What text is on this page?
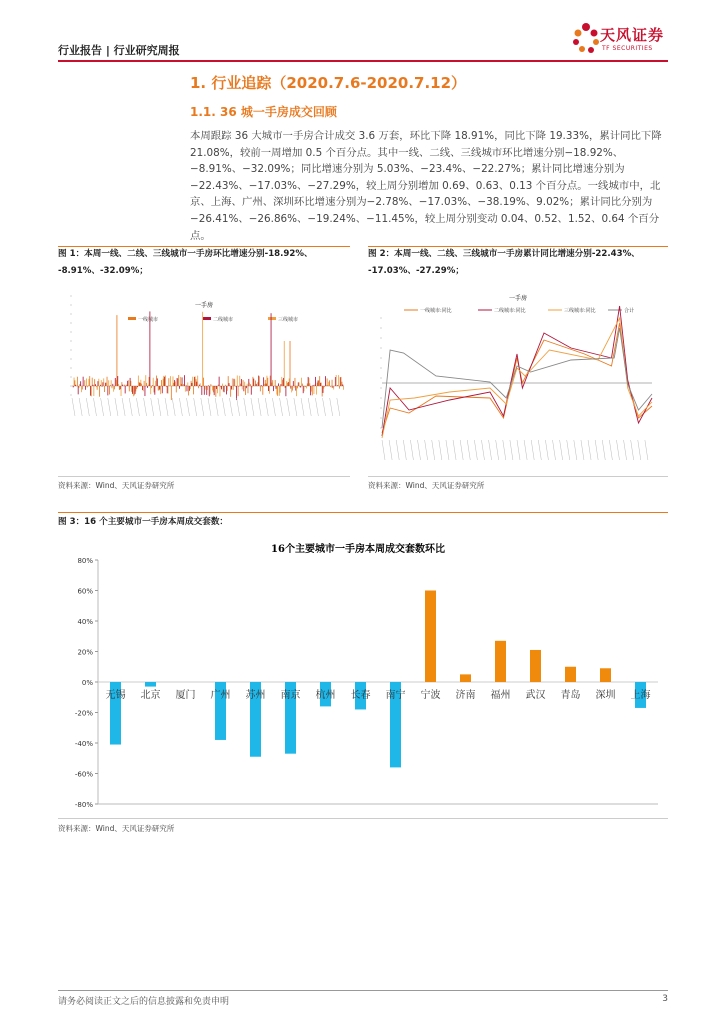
行业报告 | 行业研究周报
天风证券
TF SECURITIES
1. 行业追踪（2020.7.6-2020.7.12）
1.1. 36 城一手房成交回顾
本周跟踪 36 大城市一手房合计成交 3.6 万套，环比下降 18.91%，同比下降 19.33%，累计同比下降21.08%，较前一周增加 0.5 个百分点。其中一线、二线、三线城市环比增速分别−18.92%、−8.91%、−32.09%；同比增速分别为 5.03%、−23.4%、−22.27%；累计同比增速分别为−22.43%、−17.03%、−27.29%，较上周分别增加 0.69、0.63、0.13 个百分点。一线城市中，北京、上海、广州、深圳环比增速分别为−2.78%、−17.03%、−38.19%、9.02%；累计同比分别为−26.41%、−26.86%、−19.24%、−11.45%，较上周分别变动 0.04、0.52、1.52、0.64 个百分点。
图 1：本周一线、二线、三线城市一手房环比增速分别-18.92%、
-8.91%、-32.09%；
图 2：本周一线、二线、三线城市一手房累计同比增速分别-22.43%、
-17.03%、-27.29%；
一手房
一线城市	二线城市	三线城市
一手房
一线城市:同比	二线城市:同比	三线城市:同比	合计
资料来源：Wind、天风证券研究所	资料来源：Wind、天风证券研究所
图 3：16 个主要城市一手房本周成交套数：
16个主要城市一手房本周成交套数环比
80%
60%
40%
20%
0%
-20%
-40%
-60%
-80%
无锡 北京 厦门 广州 苏州 南京 杭州 长春 南宁 宁波 济南 福州 武汉 青岛 深圳 上海
资料来源：Wind、天风证券研究所
请务必阅读正文之后的信息披露和免责申明	3
